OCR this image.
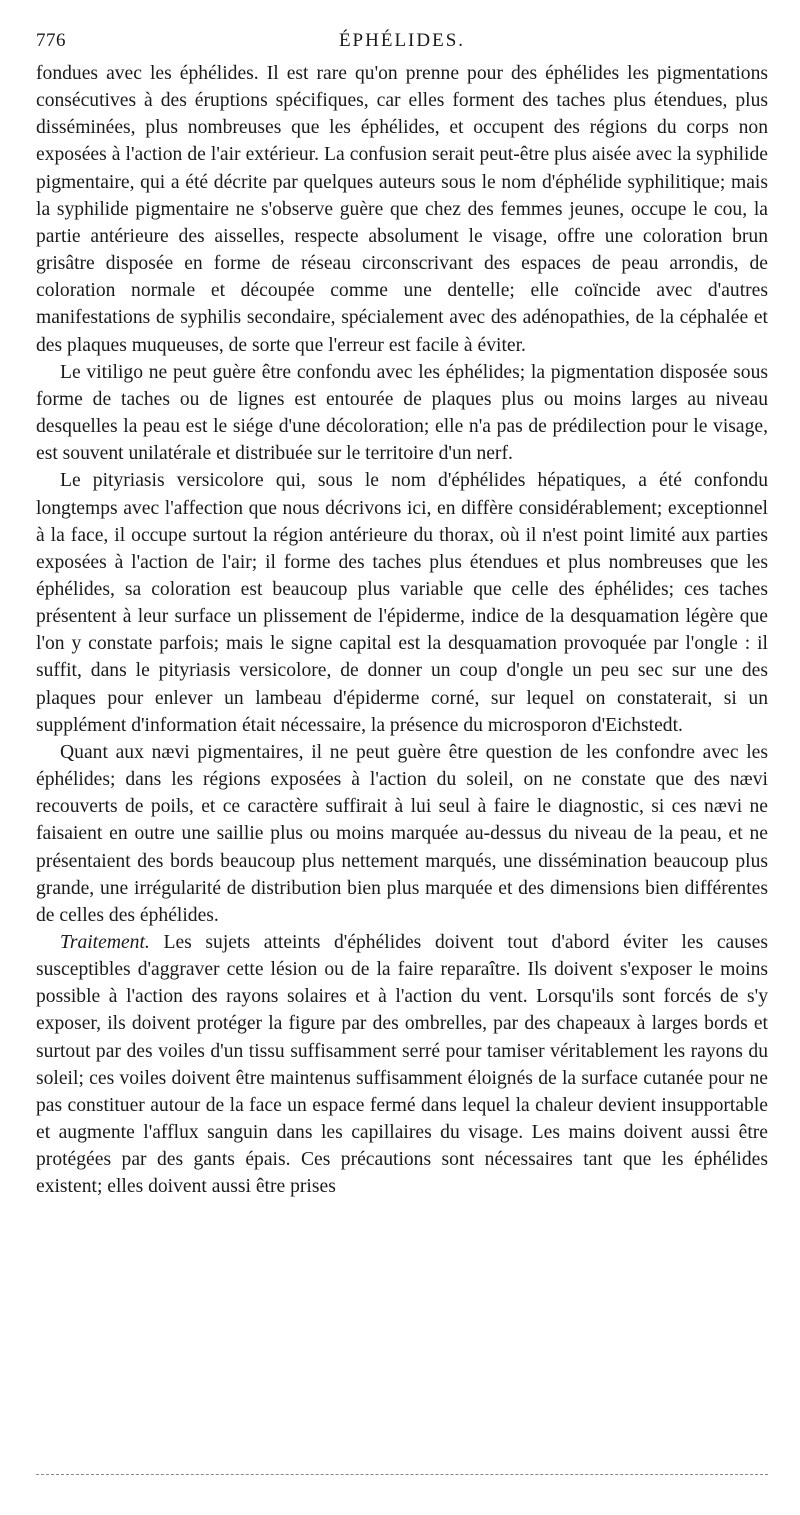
776	ÉPHÉLIDES.

fondues avec les éphélides. Il est rare qu'on prenne pour des éphélides les pigmentations consécutives à des éruptions spécifiques, car elles forment des taches plus étendues, plus disséminées, plus nombreuses que les éphélides, et occupent des régions du corps non exposées à l'action de l'air extérieur. La confusion serait peut-être plus aisée avec la syphilide pigmentaire, qui a été décrite par quelques auteurs sous le nom d'éphélide syphilitique; mais la syphilide pigmentaire ne s'observe guère que chez des femmes jeunes, occupe le cou, la partie antérieure des aisselles, respecte absolument le visage, offre une coloration brun grisâtre disposée en forme de réseau circonscrivant des espaces de peau arrondis, de coloration normale et découpée comme une dentelle; elle coïncide avec d'autres manifestations de syphilis secondaire, spécialement avec des adénopathies, de la céphalée et des plaques muqueuses, de sorte que l'erreur est facile à éviter.

Le vitiligo ne peut guère être confondu avec les éphélides; la pigmentation disposée sous forme de taches ou de lignes est entourée de plaques plus ou moins larges au niveau desquelles la peau est le siége d'une décoloration; elle n'a pas de prédilection pour le visage, est souvent unilatérale et distribuée sur le territoire d'un nerf.

Le pityriasis versicolore qui, sous le nom d'éphélides hépatiques, a été confondu longtemps avec l'affection que nous décrivons ici, en diffère considérablement; exceptionnel à la face, il occupe surtout la région antérieure du thorax, où il n'est point limité aux parties exposées à l'action de l'air; il forme des taches plus étendues et plus nombreuses que les éphélides, sa coloration est beaucoup plus variable que celle des éphélides; ces taches présentent à leur surface un plissement de l'épiderme, indice de la desquamation légère que l'on y constate parfois; mais le signe capital est la desquamation provoquée par l'ongle : il suffit, dans le pityriasis versicolore, de donner un coup d'ongle un peu sec sur une des plaques pour enlever un lambeau d'épiderme corné, sur lequel on constaterait, si un supplément d'information était nécessaire, la présence du microsporon d'Eichstedt.

Quant aux nævi pigmentaires, il ne peut guère être question de les confondre avec les éphélides; dans les régions exposées à l'action du soleil, on ne constate que des nævi recouverts de poils, et ce caractère suffirait à lui seul à faire le diagnostic, si ces nævi ne faisaient en outre une saillie plus ou moins marquée au-dessus du niveau de la peau, et ne présentaient des bords beaucoup plus nettement marqués, une dissémination beaucoup plus grande, une irrégularité de distribution bien plus marquée et des dimensions bien différentes de celles des éphélides.

Traitement. Les sujets atteints d'éphélides doivent tout d'abord éviter les causes susceptibles d'aggraver cette lésion ou de la faire reparaître. Ils doivent s'exposer le moins possible à l'action des rayons solaires et à l'action du vent. Lorsqu'ils sont forcés de s'y exposer, ils doivent protéger la figure par des ombrelles, par des chapeaux à larges bords et surtout par des voiles d'un tissu suffisamment serré pour tamiser véritablement les rayons du soleil; ces voiles doivent être maintenus suffisamment éloignés de la surface cutanée pour ne pas constituer autour de la face un espace fermé dans lequel la chaleur devient insupportable et augmente l'afflux sanguin dans les capillaires du visage. Les mains doivent aussi être protégées par des gants épais. Ces précautions sont nécessaires tant que les éphélides existent; elles doivent aussi être prises
